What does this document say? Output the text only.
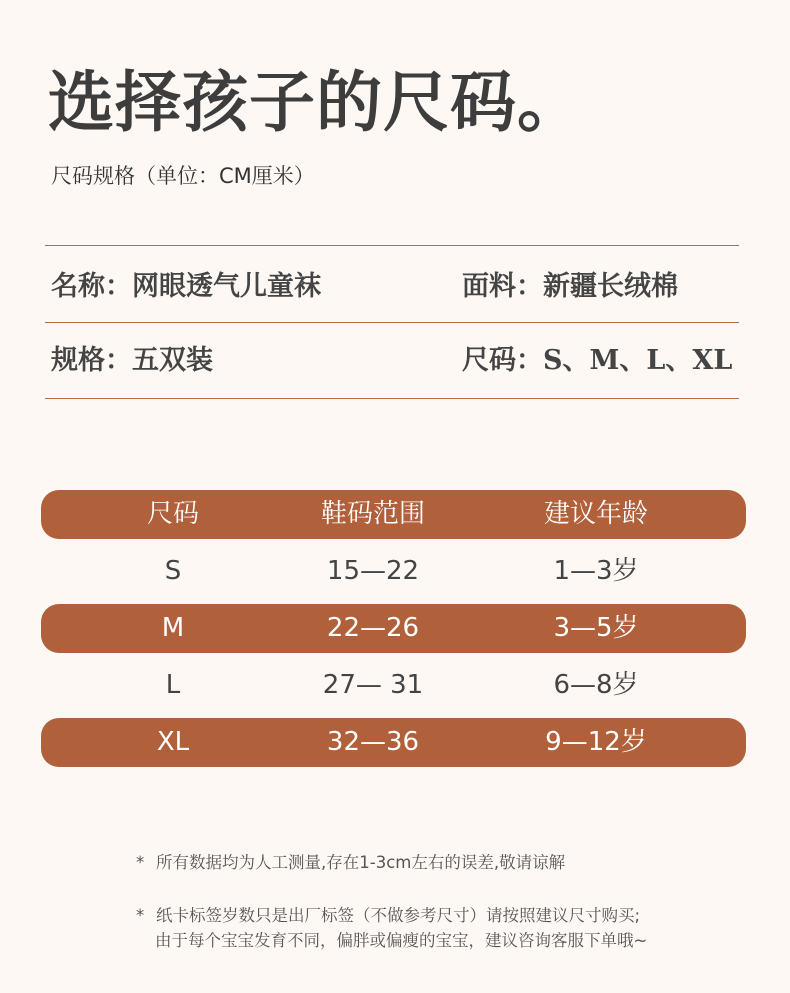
选择孩子的尺码。
尺码规格（单位：CM厘米）
名称：网眼透气儿童袜	面料：新疆长绒棉
规格：五双装	尺码：S、M、L、XL
尺码	鞋码范围	建议年龄
S	15—22	1—3岁
M	22—26	3—5岁
L	27— 31	6—8岁
XL	32—36	9—12岁
* 所有数据均为人工测量,存在1-3cm左右的误差,敬请谅解
* 纸卡标签岁数只是出厂标签（不做参考尺寸）请按照建议尺寸购买;
由于每个宝宝发育不同，偏胖或偏瘦的宝宝，建议咨询客服下单哦~
